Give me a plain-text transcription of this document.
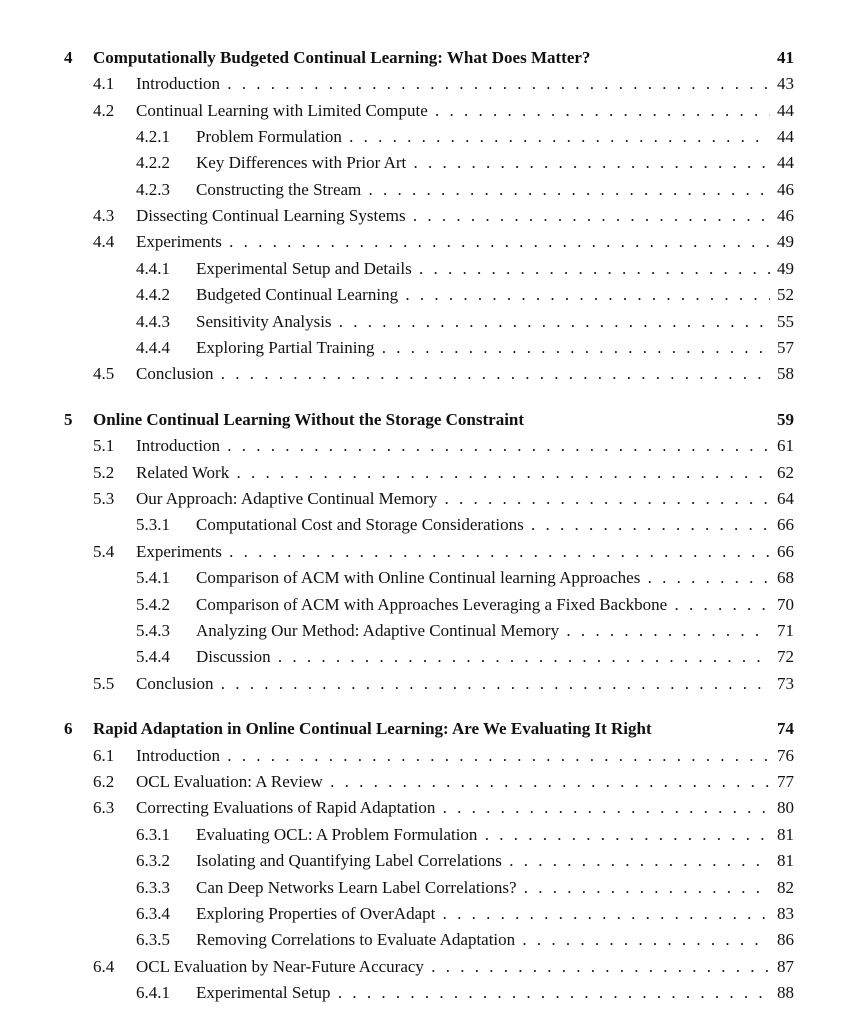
4 Computationally Budgeted Continual Learning: What Does Matter?	41
4.1 Introduction . . .	43
4.2 Continual Learning with Limited Compute . . .	44
4.2.1 Problem Formulation . . .	44
4.2.2 Key Differences with Prior Art . . .	44
4.2.3 Constructing the Stream . . .	46
4.3 Dissecting Continual Learning Systems . . .	46
4.4 Experiments . . .	49
4.4.1 Experimental Setup and Details . . .	49
4.4.2 Budgeted Continual Learning . . .	52
4.4.3 Sensitivity Analysis . . .	55
4.4.4 Exploring Partial Training . . .	57
4.5 Conclusion . . .	58
5 Online Continual Learning Without the Storage Constraint	59
5.1 Introduction . . .	61
5.2 Related Work . . .	62
5.3 Our Approach: Adaptive Continual Memory . . .	64
5.3.1 Computational Cost and Storage Considerations . . .	66
5.4 Experiments . . .	66
5.4.1 Comparison of ACM with Online Continual learning Approaches . . .	68
5.4.2 Comparison of ACM with Approaches Leveraging a Fixed Backbone . . .	70
5.4.3 Analyzing Our Method: Adaptive Continual Memory . . .	71
5.4.4 Discussion . . .	72
5.5 Conclusion . . .	73
6 Rapid Adaptation in Online Continual Learning: Are We Evaluating It Right	74
6.1 Introduction . . .	76
6.2 OCL Evaluation: A Review . . .	77
6.3 Correcting Evaluations of Rapid Adaptation . . .	80
6.3.1 Evaluating OCL: A Problem Formulation . . .	81
6.3.2 Isolating and Quantifying Label Correlations . . .	81
6.3.3 Can Deep Networks Learn Label Correlations? . . .	82
6.3.4 Exploring Properties of OverAdapt . . .	83
6.3.5 Removing Correlations to Evaluate Adaptation . . .	86
6.4 OCL Evaluation by Near-Future Accuracy . . .	87
6.4.1 Experimental Setup . . .	88
